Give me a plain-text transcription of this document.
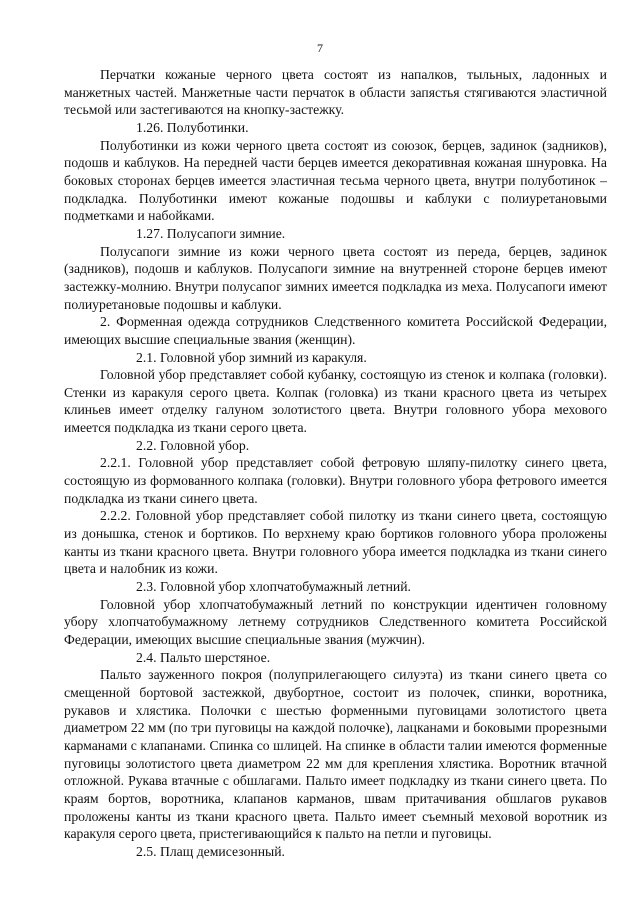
7

Перчатки кожаные черного цвета состоят из напалков, тыльных, ладонных и манжетных частей. Манжетные части перчаток в области запястья стягиваются эластичной тесьмой или застегиваются на кнопку-застежку.

1.26. Полуботинки.

Полуботинки из кожи черного цвета состоят из союзок, берцев, задинок (задников), подошв и каблуков. На передней части берцев имеется декоративная кожаная шнуровка. На боковых сторонах берцев имеется эластичная тесьма черного цвета, внутри полуботинок – подкладка. Полуботинки имеют кожаные подошвы и каблуки с полиуретановыми подметками и набойками.

1.27. Полусапоги зимние.

Полусапоги зимние из кожи черного цвета состоят из переда, берцев, задинок (задников), подошв и каблуков. Полусапоги зимние на внутренней стороне берцев имеют застежку-молнию. Внутри полусапог зимних имеется подкладка из меха. Полусапоги имеют полиуретановые подошвы и каблуки.

2. Форменная одежда сотрудников Следственного комитета Российской Федерации, имеющих высшие специальные звания (женщин).

2.1. Головной убор зимний из каракуля.

Головной убор представляет собой кубанку, состоящую из стенок и колпака (головки). Стенки из каракуля серого цвета. Колпак (головка) из ткани красного цвета из четырех клиньев имеет отделку галуном золотистого цвета. Внутри головного убора мехового имеется подкладка из ткани серого цвета.

2.2. Головной убор.

2.2.1. Головной убор представляет собой фетровую шляпу-пилотку синего цвета, состоящую из формованного колпака (головки). Внутри головного убора фетрового имеется подкладка из ткани синего цвета.

2.2.2. Головной убор представляет собой пилотку из ткани синего цвета, состоящую из донышка, стенок и бортиков. По верхнему краю бортиков головного убора проложены канты из ткани красного цвета. Внутри головного убора имеется подкладка из ткани синего цвета и налобник из кожи.

2.3. Головной убор хлопчатобумажный летний.

Головной убор хлопчатобумажный летний по конструкции идентичен головному убору хлопчатобумажному летнему сотрудников Следственного комитета Российской Федерации, имеющих высшие специальные звания (мужчин).

2.4. Пальто шерстяное.

Пальто зауженного покроя (полуприлегающего силуэта) из ткани синего цвета со смещенной бортовой застежкой, двубортное, состоит из полочек, спинки, воротника, рукавов и хлястика. Полочки с шестью форменными пуговицами золотистого цвета диаметром 22 мм (по три пуговицы на каждой полочке), лацканами и боковыми прорезными карманами с клапанами. Спинка со шлицей. На спинке в области талии имеются форменные пуговицы золотистого цвета диаметром 22 мм для крепления хлястика. Воротник втачной отложной. Рукава втачные с обшлагами. Пальто имеет подкладку из ткани синего цвета. По краям бортов, воротника, клапанов карманов, швам притачивания обшлагов рукавов проложены канты из ткани красного цвета. Пальто имеет съемный меховой воротник из каракуля серого цвета, пристегивающийся к пальто на петли и пуговицы.

2.5. Плащ демисезонный.
